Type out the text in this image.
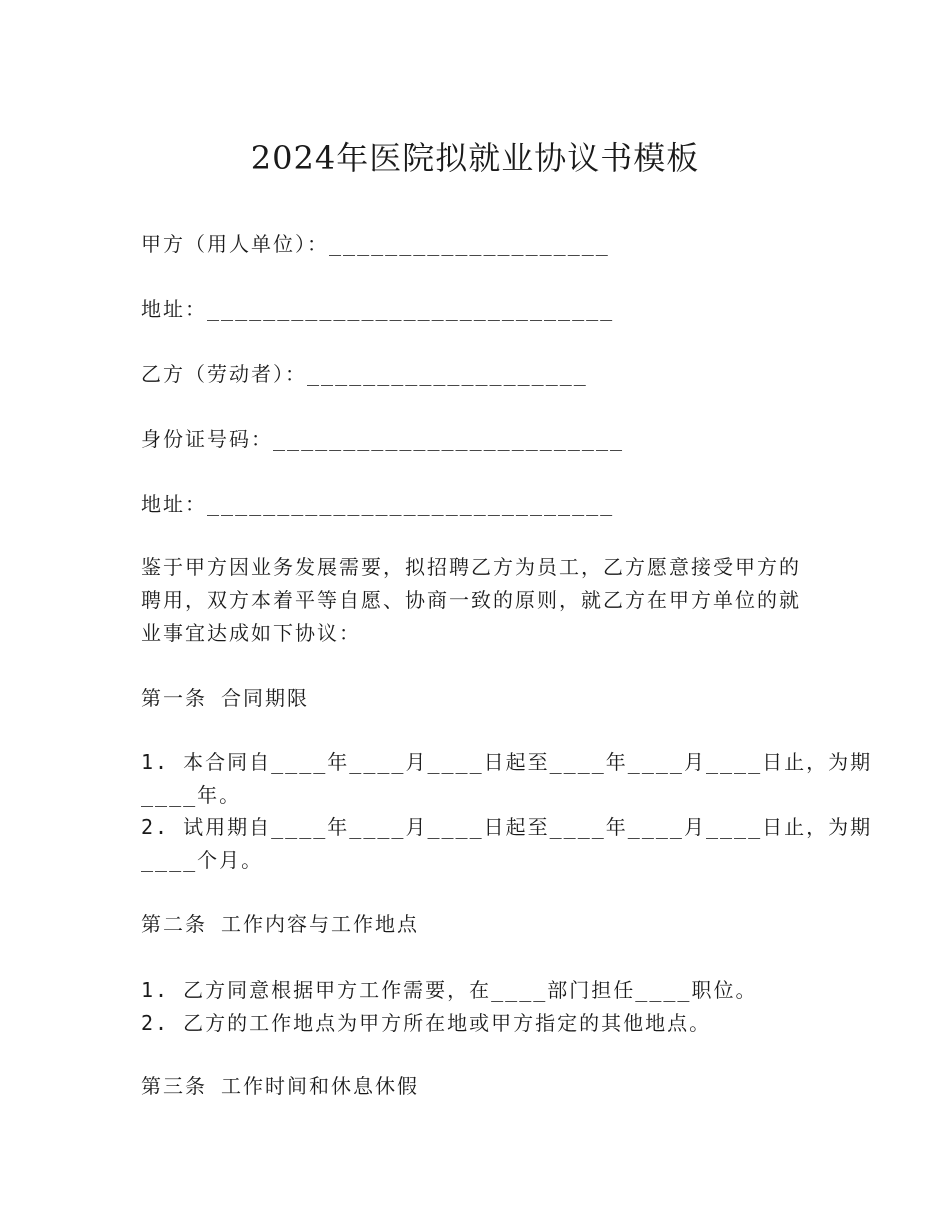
2024年医院拟就业协议书模板

甲方（用人单位）：____________________

地址：_____________________________

乙方（劳动者）：____________________

身份证号码：_________________________

地址：_____________________________

鉴于甲方因业务发展需要，拟招聘乙方为员工，乙方愿意接受甲方的

聘用，双方本着平等自愿、协商一致的原则，就乙方在甲方单位的就

业事宜达成如下协议：

第一条 合同期限

1. 本合同自____年____月____日起至____年____月____日止，为期

____年。

2. 试用期自____年____月____日起至____年____月____日止，为期

____个月。

第二条 工作内容与工作地点

1. 乙方同意根据甲方工作需要，在____部门担任____职位。

2. 乙方的工作地点为甲方所在地或甲方指定的其他地点。

第三条 工作时间和休息休假
